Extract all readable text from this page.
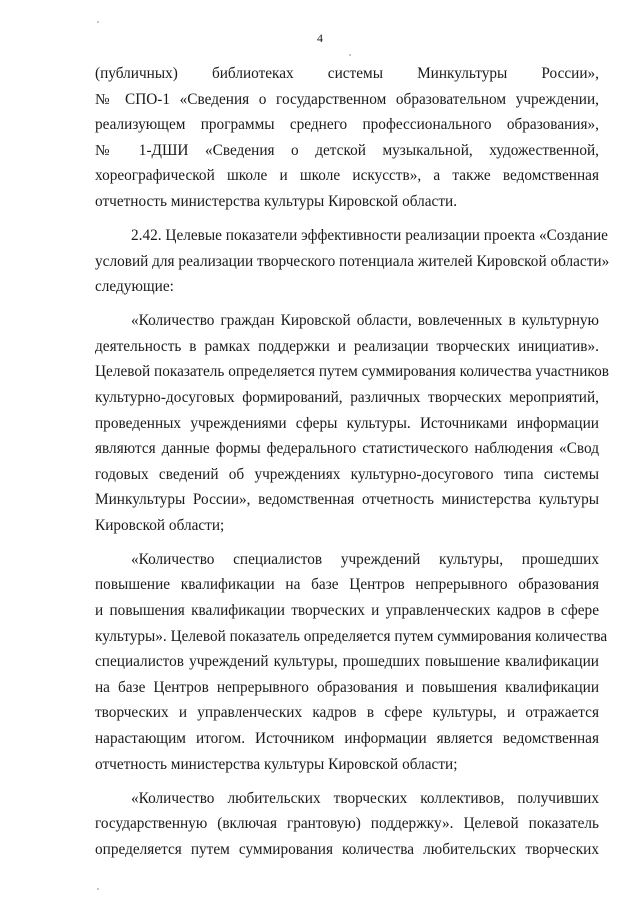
4
(публичных) библиотеках системы Минкультуры России»,
№ СПО-1 «Сведения о государственном образовательном учреждении,
реализующем программы среднего профессионального образования»,
№ 1-ДШИ «Сведения о детской музыкальной, художественной,
хореографической школе и школе искусств», а также ведомственная
отчетность министерства культуры Кировской области.
2.42. Целевые показатели эффективности реализации проекта «Создание
условий для реализации творческого потенциала жителей Кировской области»
следующие:
«Количество граждан Кировской области, вовлеченных в культурную
деятельность в рамках поддержки и реализации творческих инициатив».
Целевой показатель определяется путем суммирования количества участников
культурно-досуговых формирований, различных творческих мероприятий,
проведенных учреждениями сферы культуры. Источниками информации
являются данные формы федерального статистического наблюдения «Свод
годовых сведений об учреждениях культурно-досугового типа системы
Минкультуры России», ведомственная отчетность министерства культуры
Кировской области;
«Количество специалистов учреждений культуры, прошедших
повышение квалификации на базе Центров непрерывного образования
и повышения квалификации творческих и управленческих кадров в сфере
культуры». Целевой показатель определяется путем суммирования количества
специалистов учреждений культуры, прошедших повышение квалификации
на базе Центров непрерывного образования и повышения квалификации
творческих и управленческих кадров в сфере культуры, и отражается
нарастающим итогом. Источником информации является ведомственная
отчетность министерства культуры Кировской области;
«Количество любительских творческих коллективов, получивших
государственную (включая грантовую) поддержку». Целевой показатель
определяется путем суммирования количества любительских творческих
